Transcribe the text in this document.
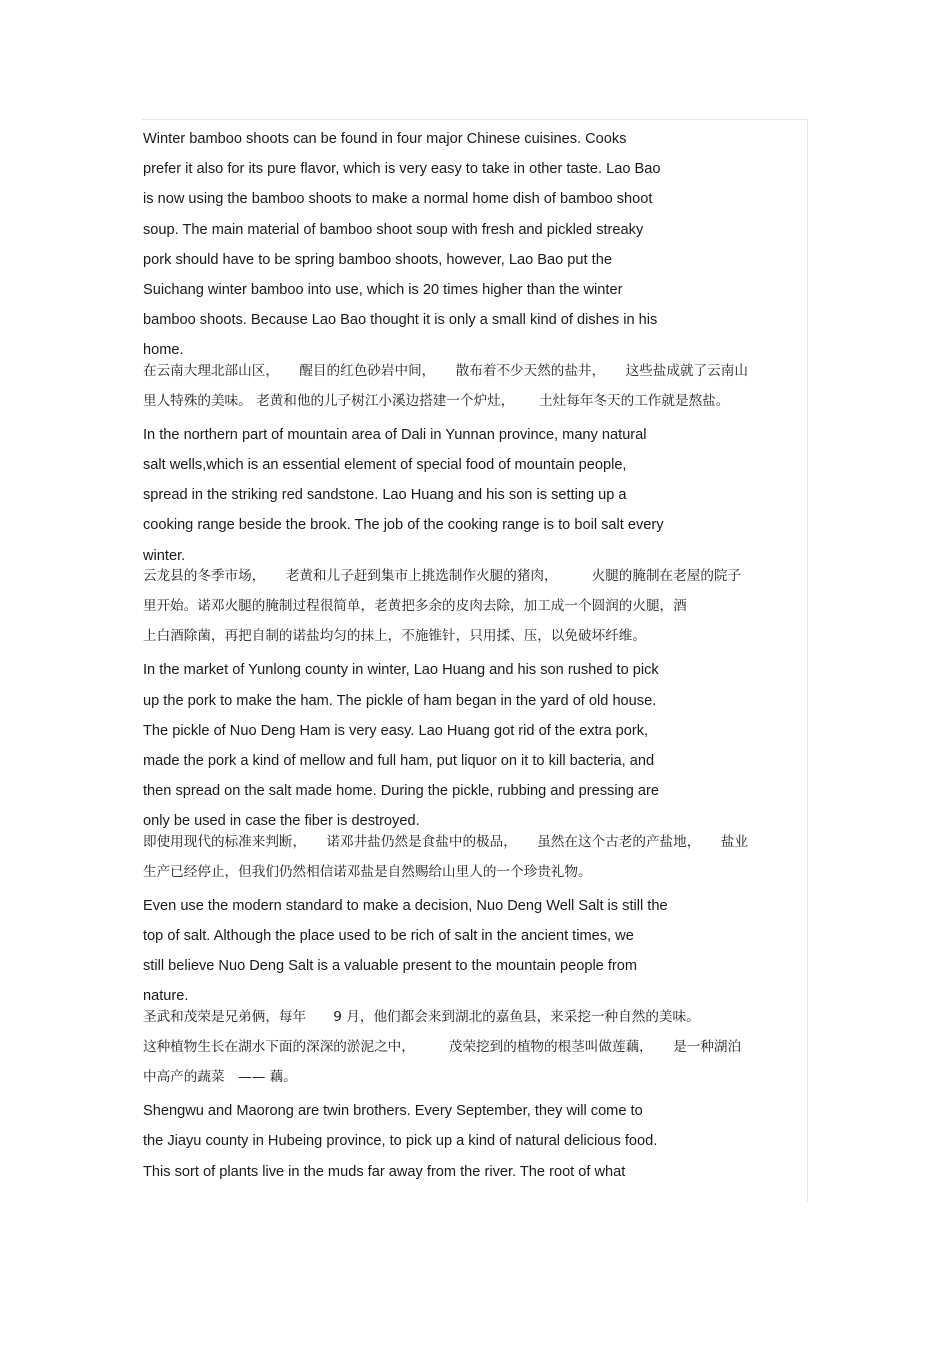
Winter bamboo shoots can be found in four major Chinese cuisines. Cooks
prefer it also for its pure flavor, which is very easy to take in other taste. Lao Bao
is now using the bamboo shoots to make a normal home dish of bamboo shoot
soup. The main material of bamboo shoot soup with fresh and pickled streaky
pork should have to be spring bamboo shoots, however, Lao Bao put the
Suichang winter bamboo into use, which is 20 times higher than the winter
bamboo shoots. Because Lao Bao thought it is only a small kind of dishes in his
home.

在云南大理北部山区，　　醒目的红色砂岩中间，　　散布着不少天然的盐井，　　这些盐成就了云南山
里人特殊的美味。 老黄和他的儿子树江小溪边搭建一个炉灶，　　 土灶每年冬天的工作就是熬盐。

In the northern part of mountain area of Dali in Yunnan province, many natural
salt wells,which is an essential element of special food of mountain people,
spread in the striking red sandstone. Lao Huang and his son is setting up a
cooking range beside the brook. The job of the cooking range is to boil salt every
winter.

云龙县的冬季市场，　　老黄和儿子赶到集市上挑选制作火腿的猪肉，　　　火腿的腌制在老屋的院子
里开始。诺邓火腿的腌制过程很简单，老黄把多余的皮肉去除，加工成一个圆润的火腿，酒
上白酒除菌，再把自制的诺盐均匀的抹上，不施锥针，只用揉、压，以免破坏纤维。

In the market of Yunlong county in winter, Lao Huang and his son rushed to pick
up the pork to make the ham. The pickle of ham began in the yard of old house.
The pickle of Nuo Deng Ham is very easy. Lao Huang got rid of the extra pork,
made the pork a kind of mellow and full ham, put liquor on it to kill bacteria, and
then spread on the salt made home. During the pickle, rubbing and pressing are
only be used in case the fiber is destroyed.

即使用现代的标准来判断，　　诺邓井盐仍然是食盐中的极品，　　虽然在这个古老的产盐地，　　盐业
生产已经停止，但我们仍然相信诺邓盐是自然赐给山里人的一个珍贵礼物。

Even use the modern standard to make a decision, Nuo Deng Well Salt is still the
top of salt. Although the place used to be rich of salt in the ancient times, we
still believe Nuo Deng Salt is a valuable present to the mountain people from
nature.

圣武和茂荣是兄弟俩，每年　　9 月，他们都会来到湖北的嘉鱼县，来采挖一种自然的美味。
这种植物生长在湖水下面的深深的淤泥之中，　　　茂荣挖到的植物的根茎叫做莲藕，　　是一种湖泊
中高产的蔬菜　—— 藕。

Shengwu and Maorong are twin brothers. Every September, they will come to
the Jiayu county in Hubeing province, to pick up a kind of natural delicious food.
This sort of plants live in the muds far away from the river. The root of what
